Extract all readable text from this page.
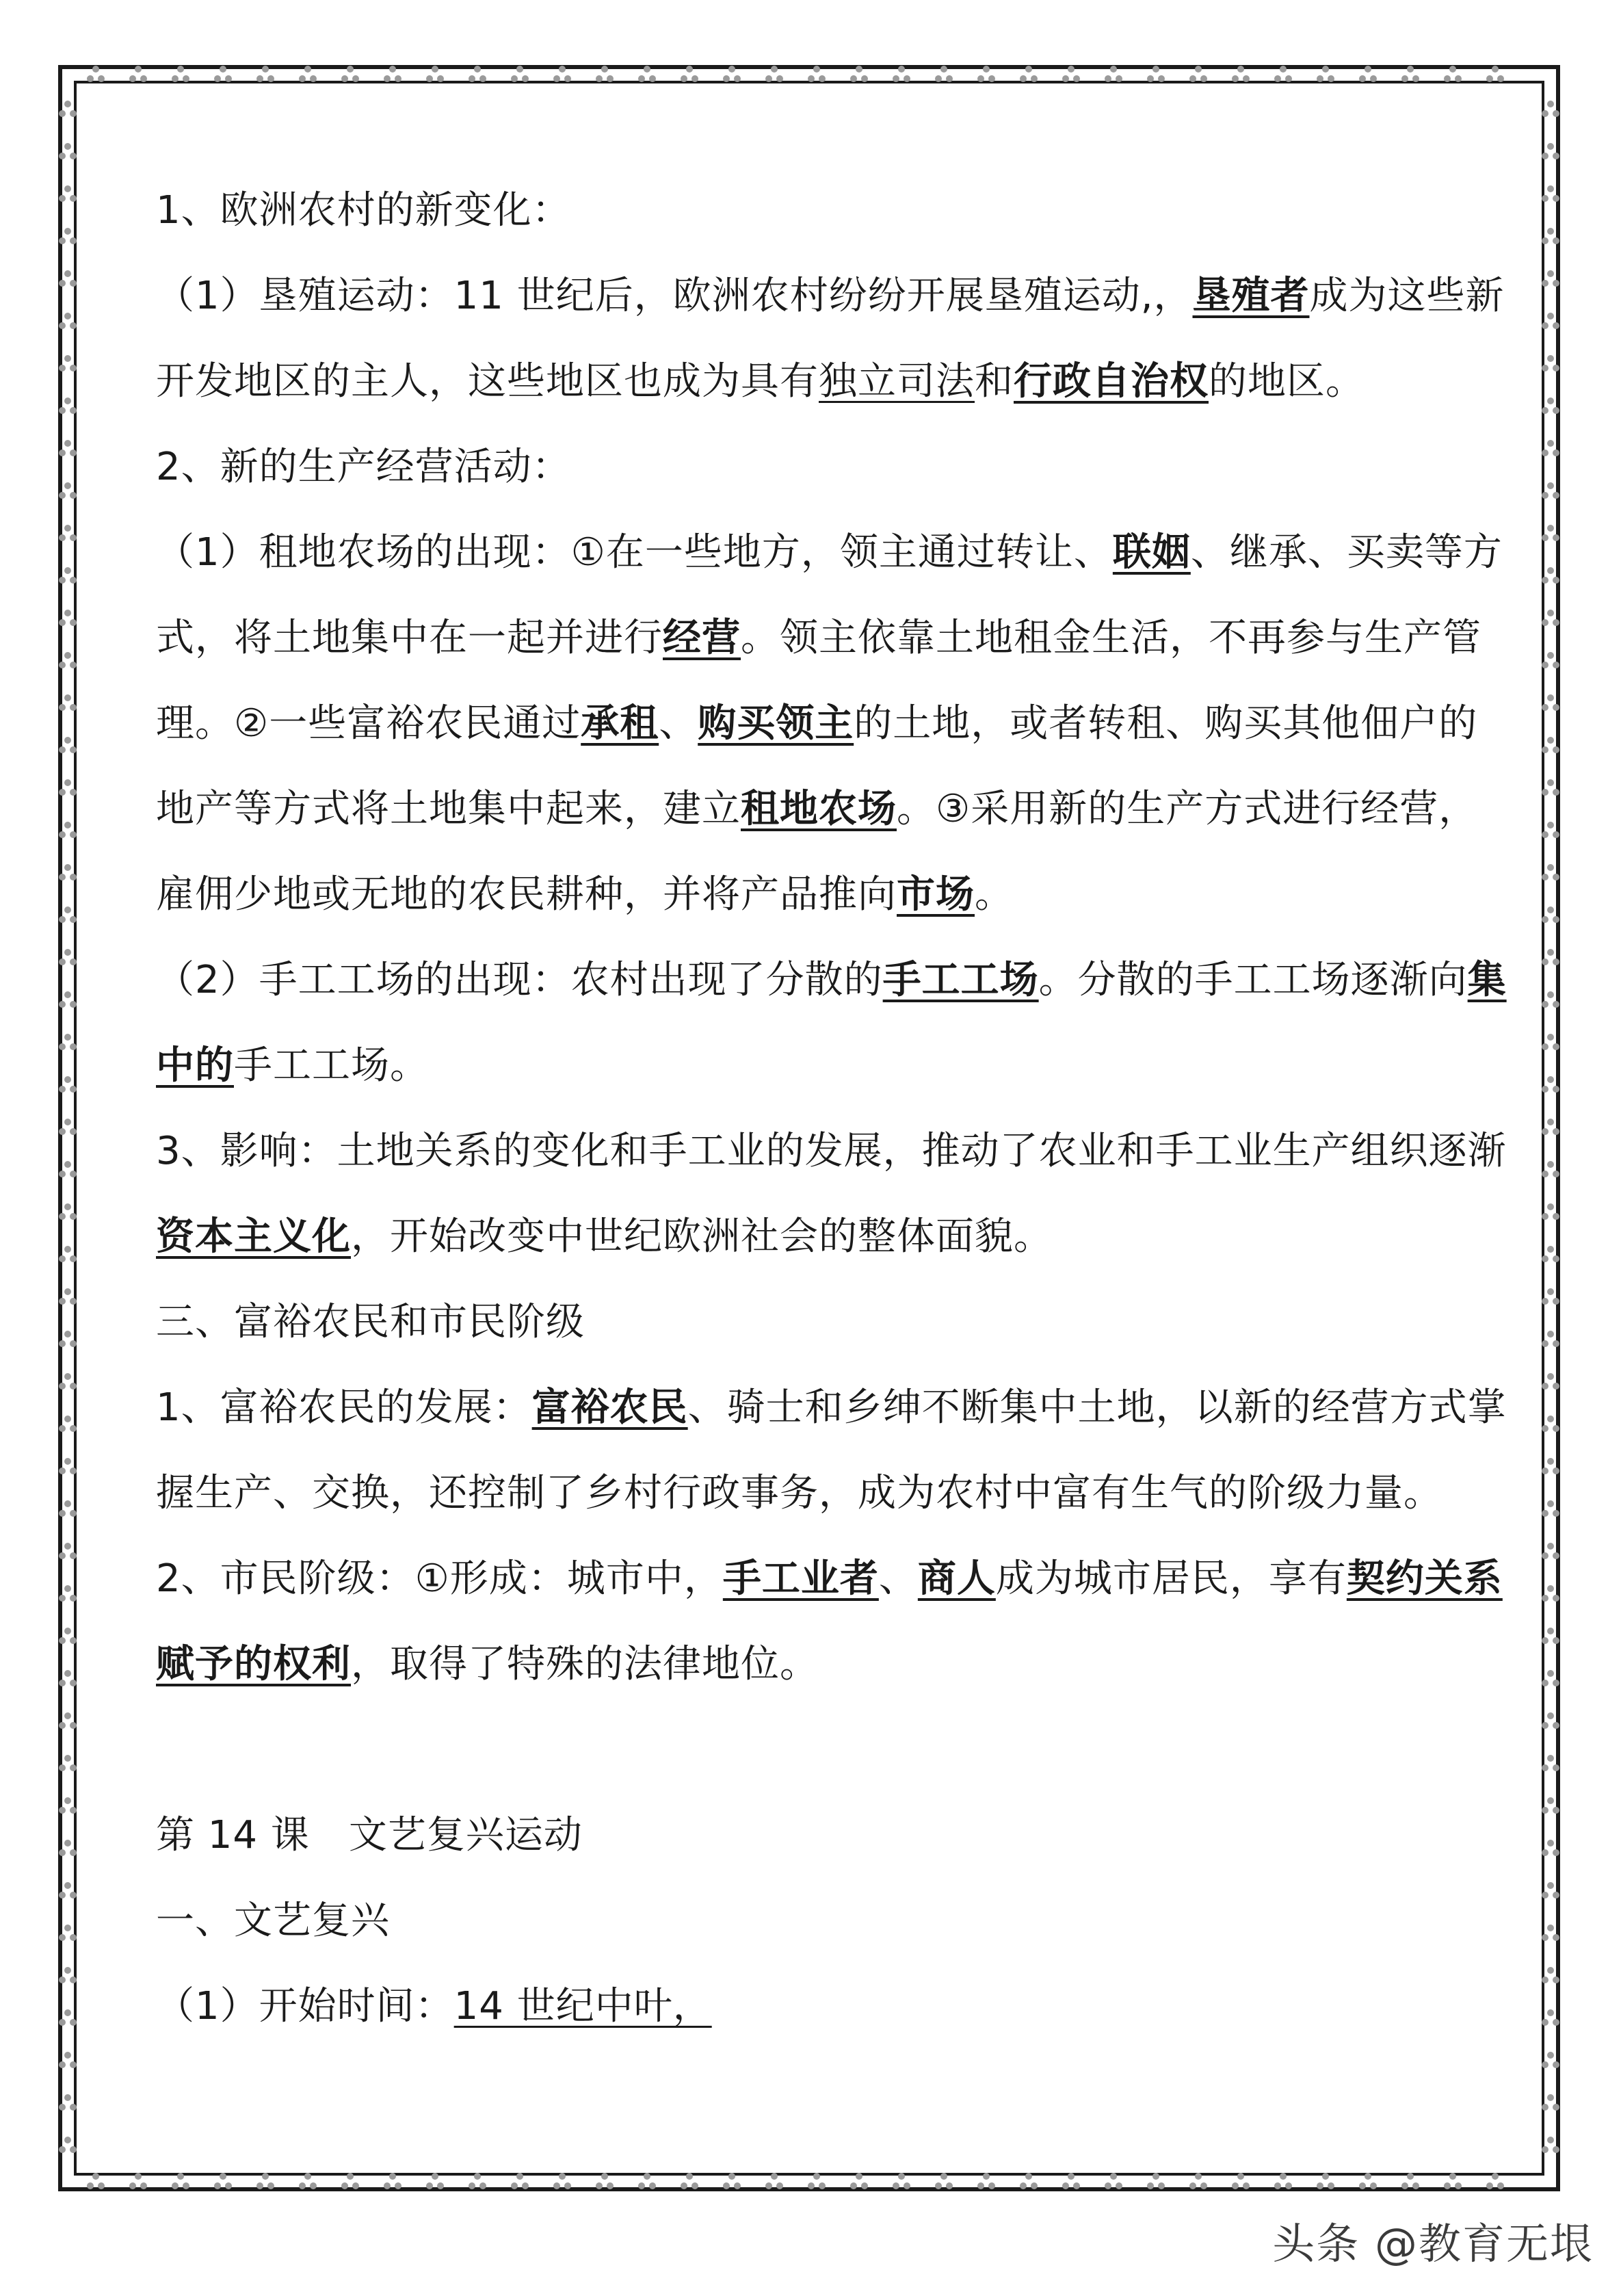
1、欧洲农村的新变化：
（1）垦殖运动：11 世纪后，欧洲农村纷纷开展垦殖运动,，垦殖者成为这些新
开发地区的主人，这些地区也成为具有独立司法和行政自治权的地区。
2、新的生产经营活动：
（1）租地农场的出现：①在一些地方，领主通过转让、联姻、继承、买卖等方
式，将土地集中在一起并进行经营。领主依靠土地租金生活，不再参与生产管
理。②一些富裕农民通过承租、购买领主的土地，或者转租、购买其他佃户的
地产等方式将土地集中起来，建立租地农场。③采用新的生产方式进行经营，
雇佣少地或无地的农民耕种，并将产品推向市场。
（2）手工工场的出现：农村出现了分散的手工工场。分散的手工工场逐渐向集
中的手工工场。
3、影响：土地关系的变化和手工业的发展，推动了农业和手工业生产组织逐渐
资本主义化，开始改变中世纪欧洲社会的整体面貌。
三、富裕农民和市民阶级
1、富裕农民的发展：富裕农民、骑士和乡绅不断集中土地，以新的经营方式掌
握生产、交换，还控制了乡村行政事务，成为农村中富有生气的阶级力量。
2、市民阶级：①形成：城市中，手工业者、商人成为城市居民，享有契约关系
赋予的权利，取得了特殊的法律地位。
第 14 课　文艺复兴运动
一、文艺复兴
（1）开始时间：14 世纪中叶，
头条 @教育无垠
